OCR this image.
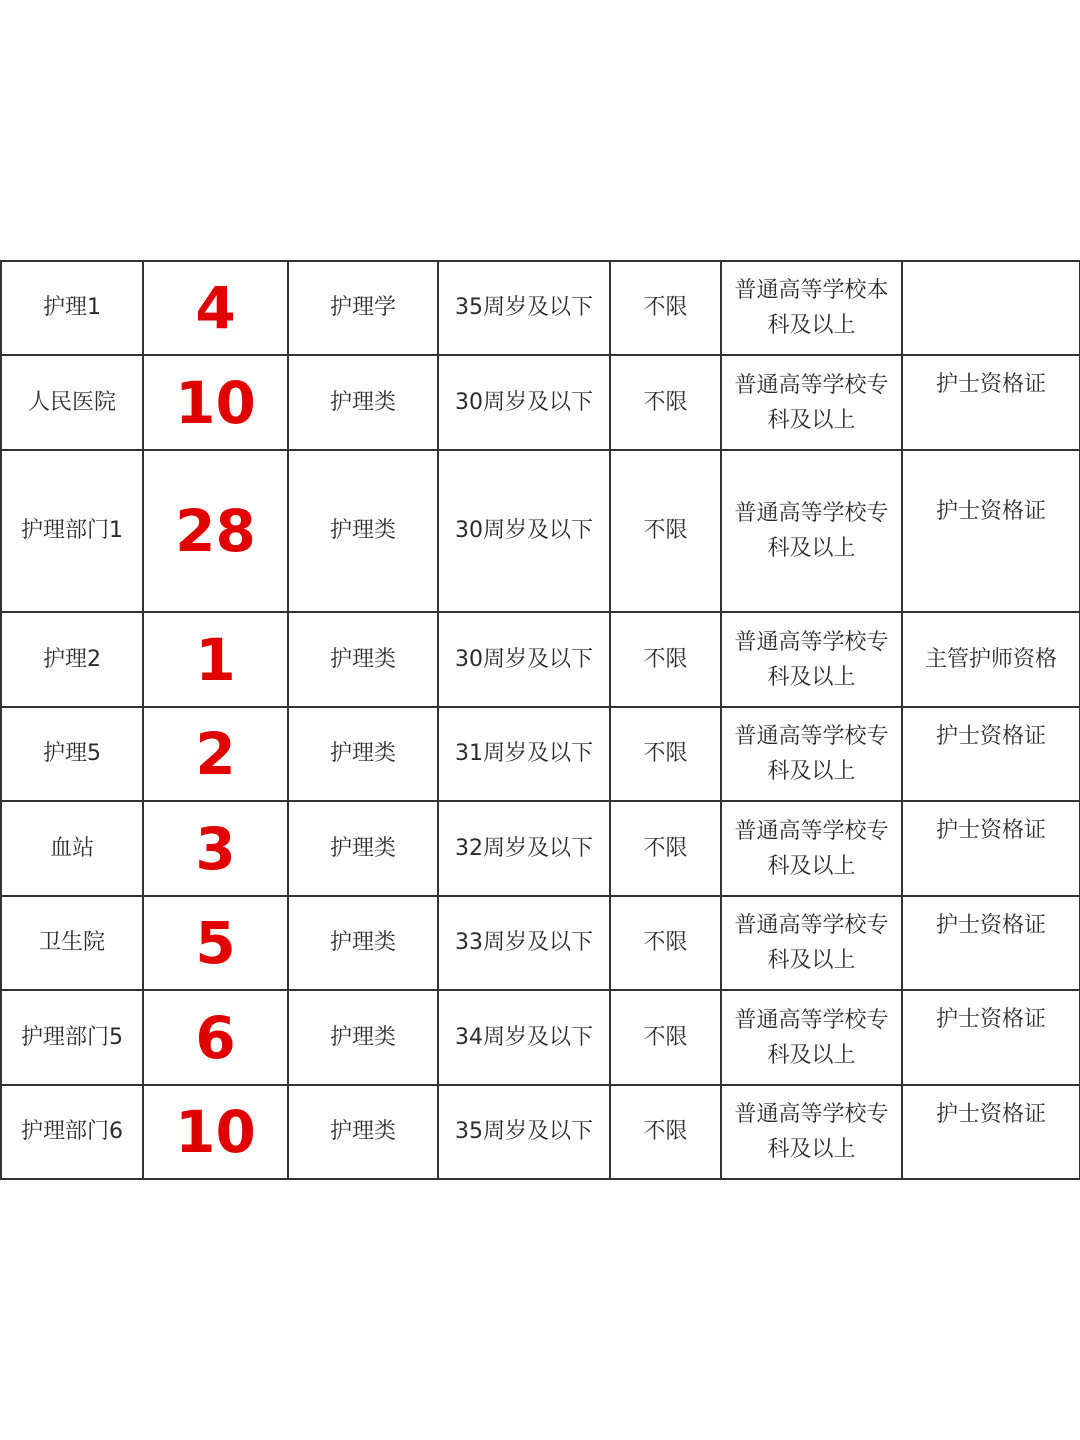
护理1	4	护理学	35周岁及以下	不限	普通高等学校本
科及以上	
人民医院	10	护理类	30周岁及以下	不限	普通高等学校专
科及以上	护士资格证
护理部门1	28	护理类	30周岁及以下	不限	普通高等学校专
科及以上	护士资格证
护理2	1	护理类	30周岁及以下	不限	普通高等学校专
科及以上	主管护师资格
护理5	2	护理类	31周岁及以下	不限	普通高等学校专
科及以上	护士资格证
血站	3	护理类	32周岁及以下	不限	普通高等学校专
科及以上	护士资格证
卫生院	5	护理类	33周岁及以下	不限	普通高等学校专
科及以上	护士资格证
护理部门5	6	护理类	34周岁及以下	不限	普通高等学校专
科及以上	护士资格证
护理部门6	10	护理类	35周岁及以下	不限	普通高等学校专
科及以上	护士资格证
